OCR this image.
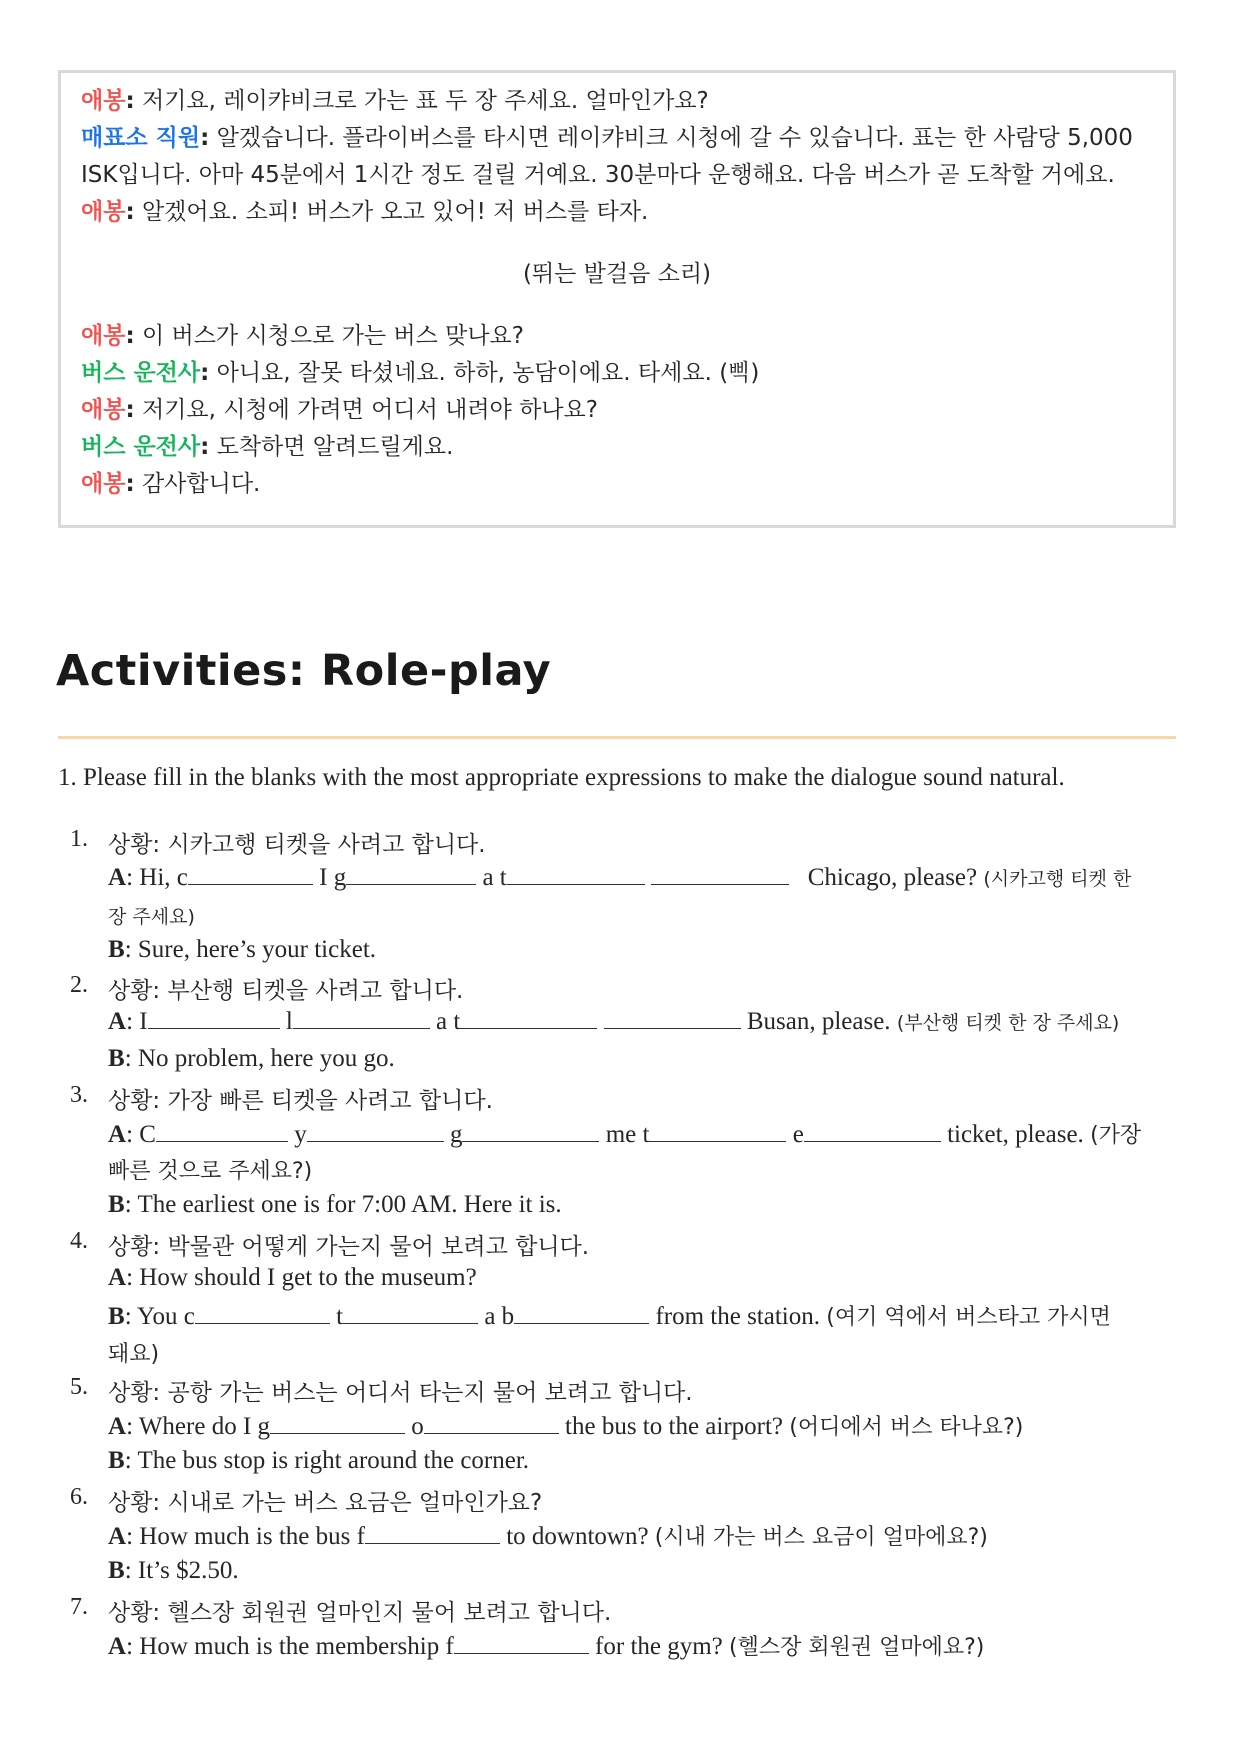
애봉: 저기요, 레이캬비크로 가는 표 두 장 주세요. 얼마인가요?
매표소 직원: 알겠습니다. 플라이버스를 타시면 레이캬비크 시청에 갈 수 있습니다. 표는 한 사람당 5,000
ISK입니다. 아마 45분에서 1시간 정도 걸릴 거예요. 30분마다 운행해요. 다음 버스가 곧 도착할 거에요.
애봉: 알겠어요. 소피! 버스가 오고 있어! 저 버스를 타자.
(뛰는 발걸음 소리)
애봉: 이 버스가 시청으로 가는 버스 맞나요?
버스 운전사: 아니요, 잘못 타셨네요. 하하, 농담이에요. 타세요. (삑)
애봉: 저기요, 시청에 가려면 어디서 내려야 하나요?
버스 운전사: 도착하면 알려드릴게요.
애봉: 감사합니다.
Activities: Role-play
1. Please fill in the blanks with the most appropriate expressions to make the dialogue sound natural.
1. 상황: 시카고행 티켓을 사려고 합니다.
A: Hi, c	I g	a t	Chicago, please? (시카고행 티켓 한
장 주세요)
B: Sure, here’s your ticket.
2. 상황: 부산행 티켓을 사려고 합니다.
A: I	l	a t	Busan, please. (부산행 티켓 한 장 주세요)
B: No problem, here you go.
3. 상황: 가장 빠른 티켓을 사려고 합니다.
A: C	y	g	me t	e	ticket, please. (가장
빠른 것으로 주세요?)
B: The earliest one is for 7:00 AM. Here it is.
4. 상황: 박물관 어떻게 가는지 물어 보려고 합니다.
A: How should I get to the museum?
B: You c	t	a b	from the station. (여기 역에서 버스타고 가시면
돼요)
5. 상황: 공항 가는 버스는 어디서 타는지 물어 보려고 합니다.
A: Where do I g	o	the bus to the airport? (어디에서 버스 타나요?)
B: The bus stop is right around the corner.
6. 상황: 시내로 가는 버스 요금은 얼마인가요?
A: How much is the bus f	to downtown? (시내 가는 버스 요금이 얼마에요?)
B: It’s $2.50.
7. 상황: 헬스장 회원권 얼마인지 물어 보려고 합니다.
A: How much is the membership f	for the gym? (헬스장 회원권 얼마에요?)
